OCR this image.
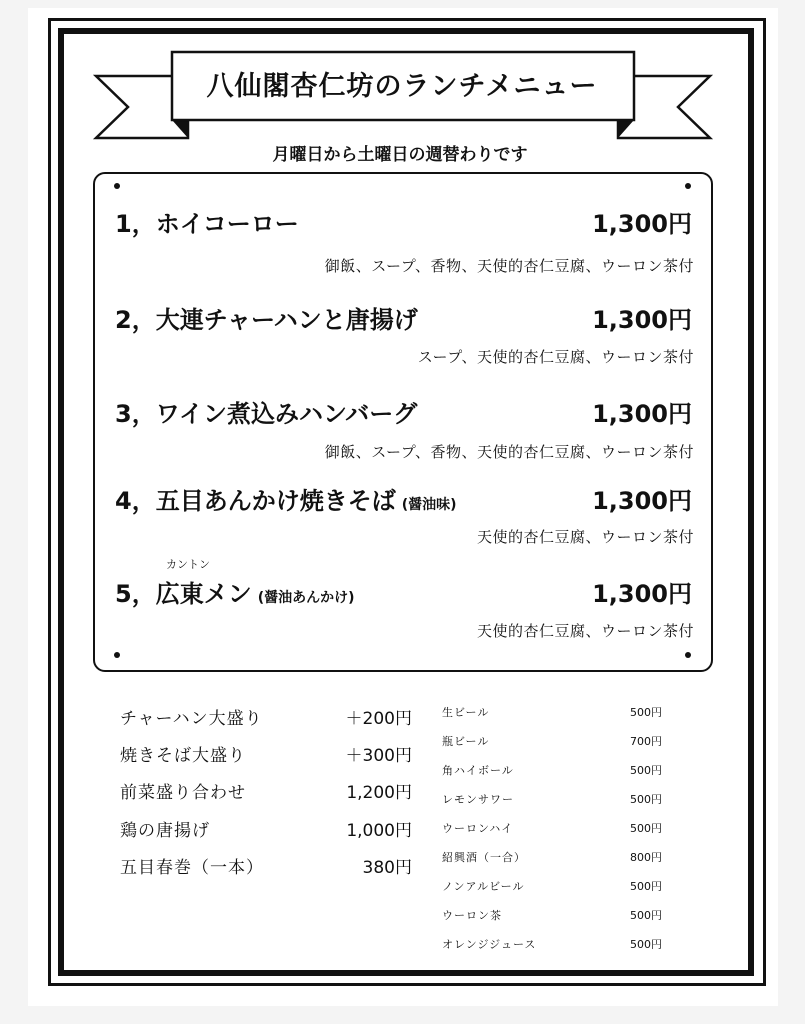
八仙閣杏仁坊のランチメニュー
月曜日から土曜日の週替わりです
1，ホイコーロー	1,300円
御飯、スープ、香物、天使的杏仁豆腐、ウーロン茶付
2，大連チャーハンと唐揚げ	1,300円
スープ、天使的杏仁豆腐、ウーロン茶付
3，ワイン煮込みハンバーグ	1,300円
御飯、スープ、香物、天使的杏仁豆腐、ウーロン茶付
4，五目あんかけ焼きそば (醤油味)	1,300円
天使的杏仁豆腐、ウーロン茶付
カントン
5，広東メン (醤油あんかけ)	1,300円
天使的杏仁豆腐、ウーロン茶付
チャーハン大盛り	＋200円
焼きそば大盛り	＋300円
前菜盛り合わせ	1,200円
鶏の唐揚げ	1,000円
五目春巻（一本）	380円
生ビール	500円
瓶ビール	700円
角ハイボール	500円
レモンサワー	500円
ウーロンハイ	500円
紹興酒（一合）	800円
ノンアルビール	500円
ウーロン茶	500円
オレンジジュース	500円
